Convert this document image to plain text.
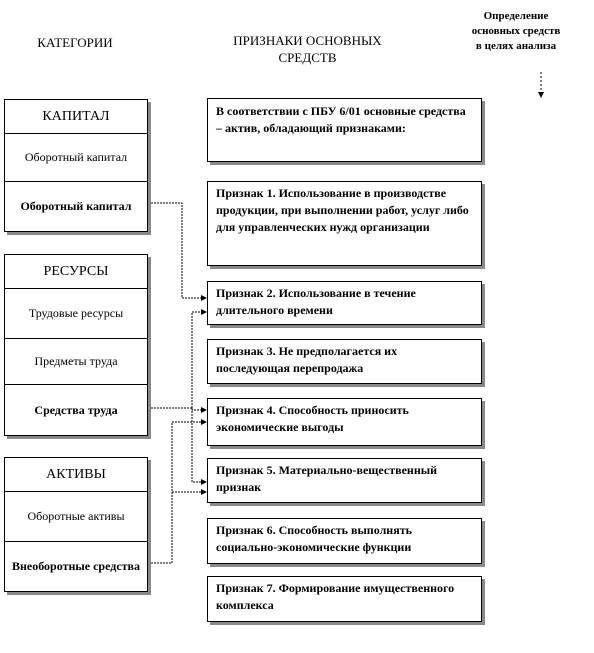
КАТЕГОРИИ	ПРИЗНАКИ ОСНОВНЫХ
СРЕДСТВ
Определение
основных средств
в целях анализа
КАПИТАЛ
Оборотный капитал
Оборотный капитал
РЕСУРСЫ
Трудовые ресурсы
Предметы труда
Средства труда
АКТИВЫ
Оборотные активы
Внеоборотные средства
В соответствии с ПБУ 6/01 основные средства – актив, обладающий признаками:
Признак 1. Использование в производстве продукции, при выполнении работ, услуг либо для управленческих нужд организации
Признак 2. Использование в течение длительного времени
Признак 3. Не предполагается их последующая перепродажа
Признак 4. Способность приносить экономические выгоды
Признак 5. Материально-вещественный признак
Признак 6. Способность выполнять социально-экономические функции
Признак 7. Формирование имущественного комплекса
